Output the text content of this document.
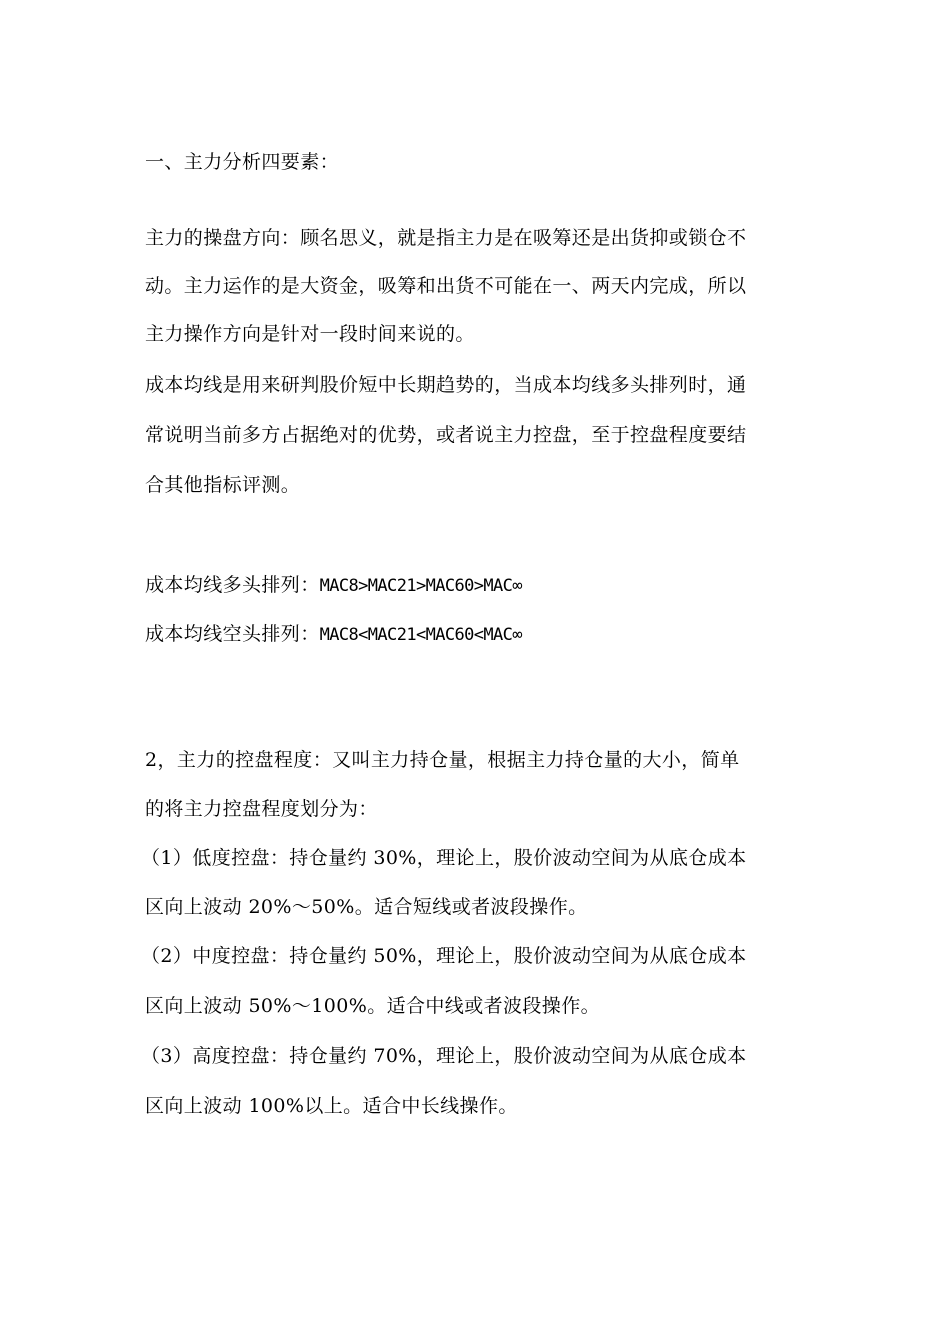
一、主力分析四要素：
主力的操盘方向：顾名思义，就是指主力是在吸筹还是出货抑或锁仓不
动。主力运作的是大资金，吸筹和出货不可能在一、两天内完成，所以
主力操作方向是针对一段时间来说的。
成本均线是用来研判股价短中长期趋势的，当成本均线多头排列时，通
常说明当前多方占据绝对的优势，或者说主力控盘，至于控盘程度要结
合其他指标评测。
成本均线多头排列：MAC8>MAC21>MAC60>MAC∞
成本均线空头排列：MAC8<MAC21<MAC60<MAC∞
2，主力的控盘程度：又叫主力持仓量，根据主力持仓量的大小，简单
的将主力控盘程度划分为：
（1）低度控盘：持仓量约 30%，理论上，股价波动空间为从底仓成本
区向上波动 20%～50%。适合短线或者波段操作。
（2）中度控盘：持仓量约 50%，理论上，股价波动空间为从底仓成本
区向上波动 50%～100%。适合中线或者波段操作。
（3）高度控盘：持仓量约 70%，理论上，股价波动空间为从底仓成本
区向上波动 100%以上。适合中长线操作。
